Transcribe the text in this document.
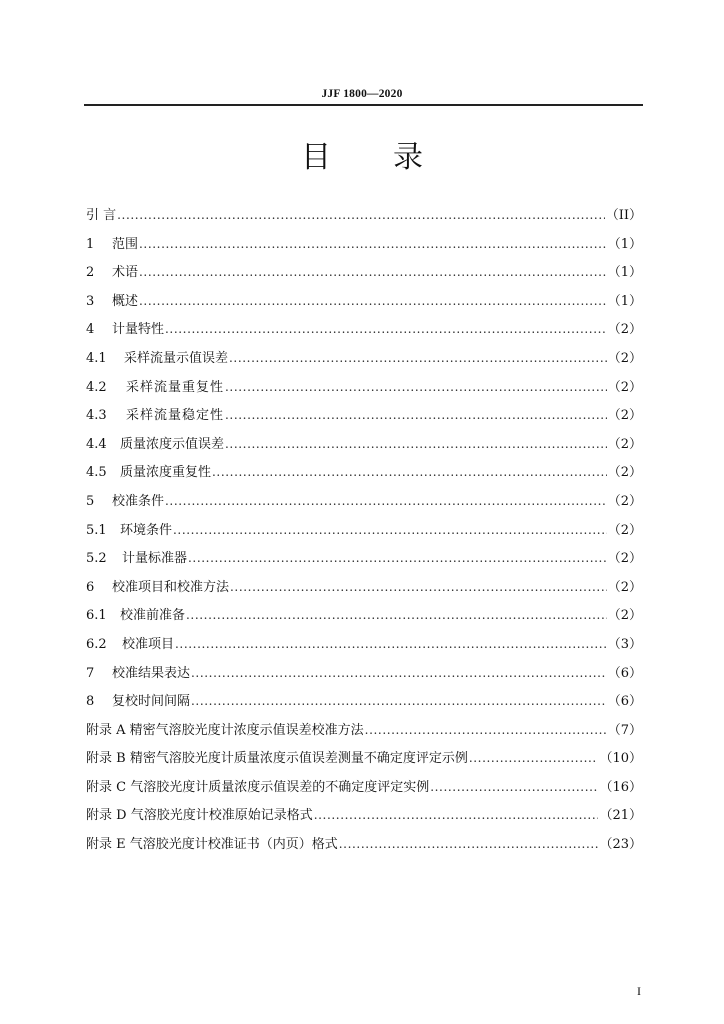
JJF 1800—2020
目 录
引 言 .....	（II）
1 范围 .....	（1）
2 术语 .....	（1）
3 概述 .....	（1）
4 计量特性 .....	（2）
4.1 采样流量示值误差 .....	（2）
4.2 采样流量重复性 .....	（2）
4.3 采样流量稳定性 .....	（2）
4.4 质量浓度示值误差 .....	（2）
4.5 质量浓度重复性 .....	（2）
5 校准条件 .....	（2）
5.1 环境条件 .....	（2）
5.2 计量标准器 .....	（2）
6 校准项目和校准方法 .....	（2）
6.1 校准前准备 .....	（2）
6.2 校准项目 .....	（3）
7 校准结果表达 .....	（6）
8 复校时间间隔 .....	（6）
附录 A 精密气溶胶光度计浓度示值误差校准方法 .....	（7）
附录 B 精密气溶胶光度计质量浓度示值误差测量不确定度评定示例 .....	（10）
附录 C 气溶胶光度计质量浓度示值误差的不确定度评定实例 .....	（16）
附录 D 气溶胶光度计校准原始记录格式 .....	（21）
附录 E 气溶胶光度计校准证书（内页）格式 .....	（23）
I
